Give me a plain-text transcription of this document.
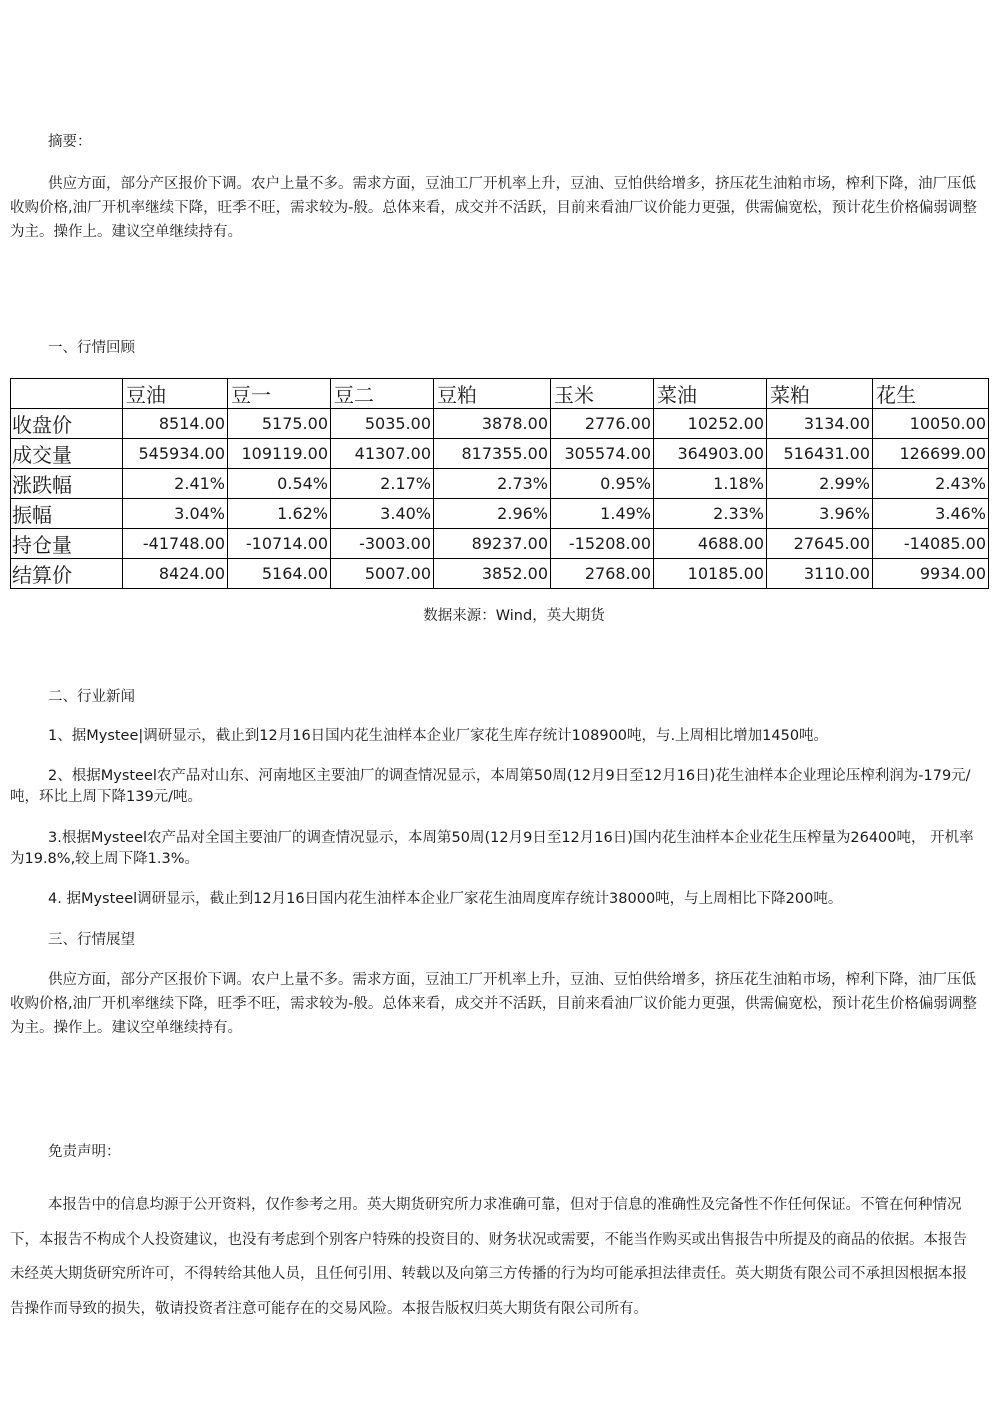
摘要：

供应方面，部分产区报价下调。农户上量不多。需求方面，豆油工厂开机率上升，豆油、豆怕供给增多，挤压花生油粕市场，榨利下降，油厂压低收购价格,油厂开机率继续下降，旺季不旺，需求较为-般。总体来看，成交并不活跃，目前来看油厂议价能力更强，供需偏宽松，预计花生价格偏弱调整为主。操作上。建议空单继续持有。

一、行情回顾
	豆油	豆一	豆二	豆粕	玉米	菜油	菜粕	花生
收盘价	8514.00	5175.00	5035.00	3878.00	2776.00	10252.00	3134.00	10050.00
成交量	545934.00	109119.00	41307.00	817355.00	305574.00	364903.00	516431.00	126699.00
涨跌幅	2.41%	0.54%	2.17%	2.73%	0.95%	1.18%	2.99%	2.43%
振幅	3.04%	1.62%	3.40%	2.96%	1.49%	2.33%	3.96%	3.46%
持仓量	-41748.00	-10714.00	-3003.00	89237.00	-15208.00	4688.00	27645.00	-14085.00
结算价	8424.00	5164.00	5007.00	3852.00	2768.00	10185.00	3110.00	9934.00
数据来源：Wind，英大期货
二、行业新闻

1、据Mystee|调研显示，截止到12月16日国内花生油样本企业厂家花生库存统计108900吨，与.上周相比增加1450吨。

2、根据Mysteel农产品对山东、河南地区主要油厂的调查情况显示，本周第50周(12月9日至12月16日)花生油样本企业理论压榨利润为-179元/吨，环比上周下降139元/吨。

3.根据Mysteel农产品对全国主要油厂的调查情况显示，本周第50周(12月9日至12月16日)国内花生油样本企业花生压榨量为26400吨， 开机率为19.8%,较上周下降1.3%。

4. 据Mysteel调研显示，截止到12月16日国内花生油样本企业厂家花生油周度库存统计38000吨，与上周相比下降200吨。

三、行情展望

供应方面，部分产区报价下调。农户上量不多。需求方面，豆油工厂开机率上升，豆油、豆怕供给增多，挤压花生油粕市场，榨利下降，油厂压低收购价格,油厂开机率继续下降，旺季不旺，需求较为-般。总体来看，成交并不活跃，目前来看油厂议价能力更强，供需偏宽松，预计花生价格偏弱调整为主。操作上。建议空单继续持有。

免责声明：

本报告中的信息均源于公开资料，仅作参考之用。英大期货研究所力求准确可靠，但对于信息的准确性及完备性不作任何保证。不管在何种情况下，本报告不构成个人投资建议，也没有考虑到个别客户特殊的投资目的、财务状况或需要，不能当作购买或出售报告中所提及的商品的依据。本报告未经英大期货研究所许可，不得转给其他人员，且任何引用、转载以及向第三方传播的行为均可能承担法律责任。英大期货有限公司不承担因根据本报告操作而导致的损失，敬请投资者注意可能存在的交易风险。本报告版权归英大期货有限公司所有。
